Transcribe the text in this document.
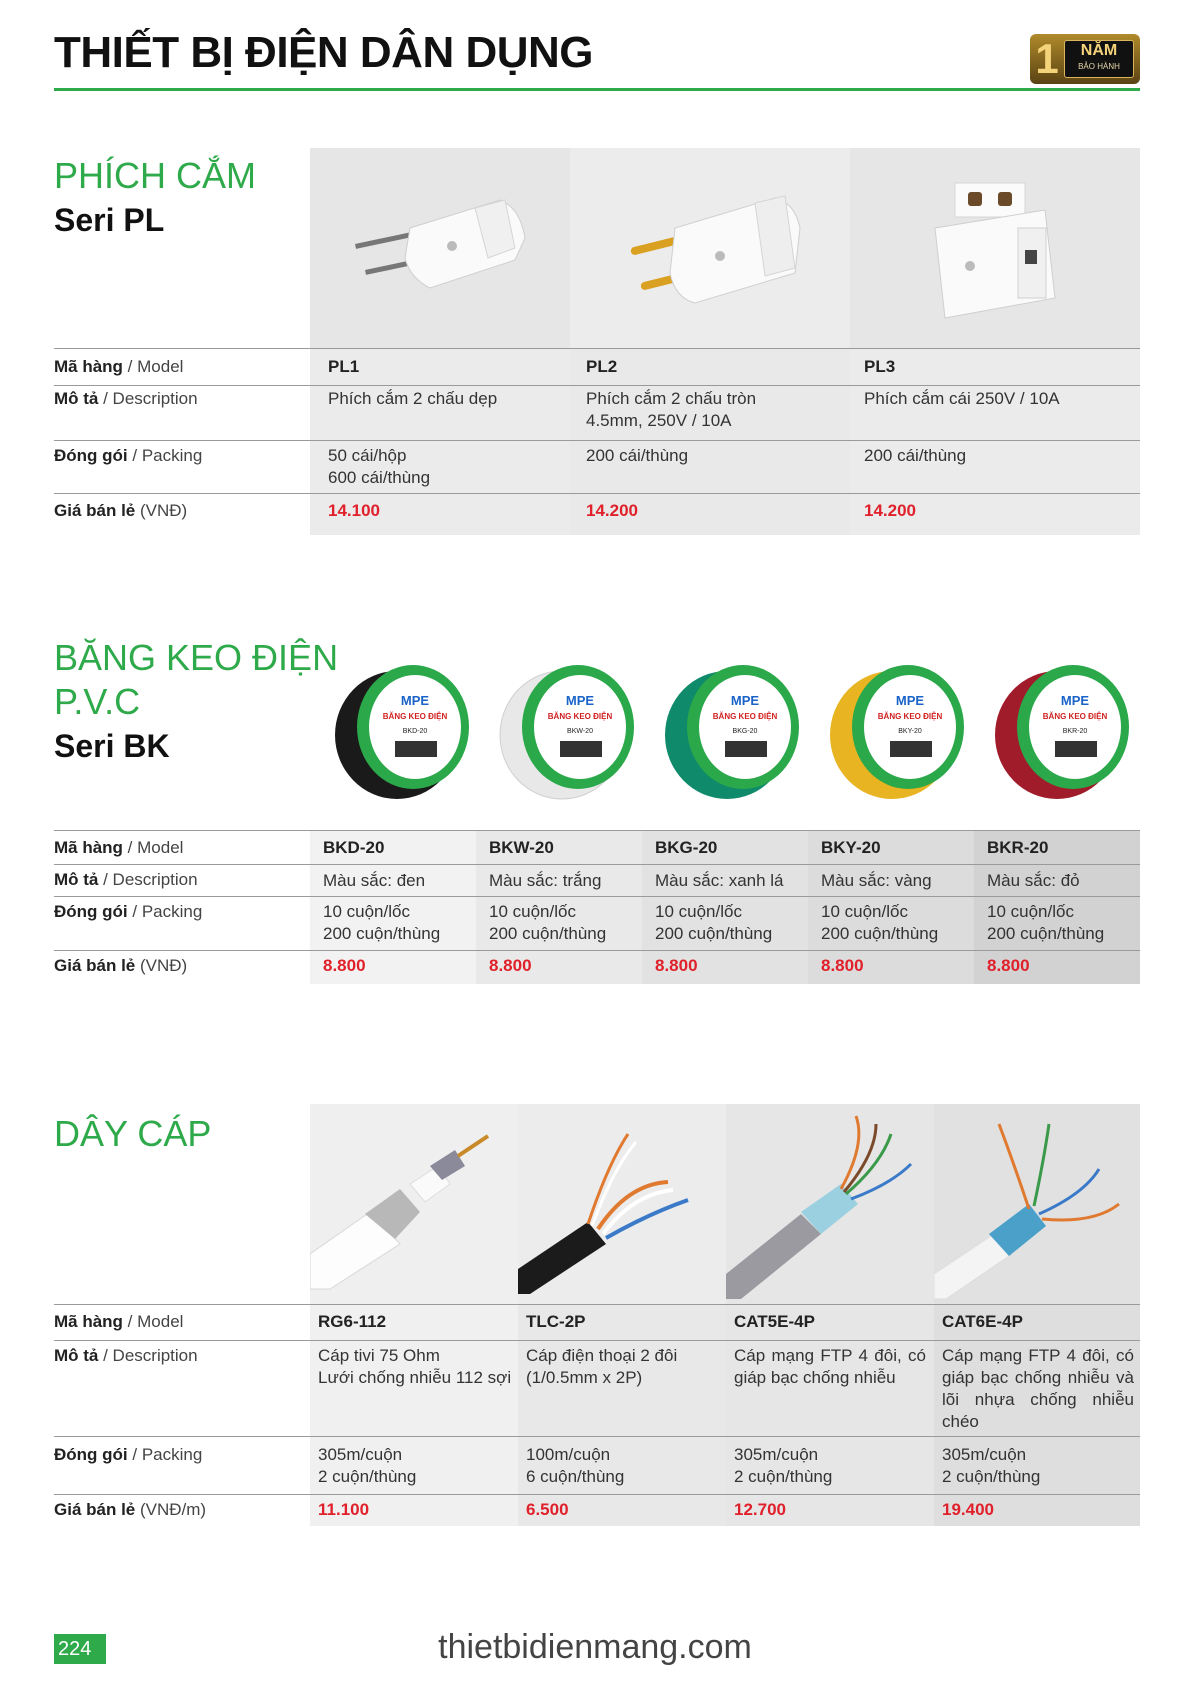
THIẾT BỊ ĐIỆN DÂN DỤNG	1	NĂM
BẢO HÀNH
PHÍCH CẮM
Seri PL
Mã hàng / Model
Mô tả / Description
Đóng gói / Packing
Giá bán lẻ (VNĐ)
PL1
Phích cắm 2 chấu dẹp
50 cái/hộp
600 cái/thùng
14.100
PL2
Phích cắm 2 chấu tròn 4.5mm, 250V / 10A
200 cái/thùng
14.200
PL3
Phích cắm cái 250V / 10A
200 cái/thùng
14.200
BĂNG KEO ĐIỆN
P.V.C
Seri BK
MPE
BĂNG KEO ĐIỆN
BKD-20
MPE
BĂNG KEO ĐIỆN
BKW-20
MPE
BĂNG KEO ĐIỆN
BKG-20
MPE
BĂNG KEO ĐIỆN
BKY-20
MPE
BĂNG KEO ĐIỆN
BKR-20
Mã hàng / Model
Mô tả / Description
Đóng gói / Packing
Giá bán lẻ (VNĐ)
BKD-20
Màu sắc: đen
10 cuộn/lốc
200 cuộn/thùng
8.800
BKW-20
Màu sắc: trắng
10 cuộn/lốc
200 cuộn/thùng
8.800
BKG-20
Màu sắc: xanh lá
10 cuộn/lốc
200 cuộn/thùng
8.800
BKY-20
Màu sắc: vàng
10 cuộn/lốc
200 cuộn/thùng
8.800
BKR-20
Màu sắc: đỏ
10 cuộn/lốc
200 cuộn/thùng
8.800
DÂY CÁP
Mã hàng / Model
Mô tả / Description
Đóng gói / Packing
Giá bán lẻ (VNĐ/m)
RG6-112
Cáp tivi 75 Ohm
Lưới chống nhiễu 112 sợi
305m/cuộn
2 cuộn/thùng
11.100
TLC-2P
Cáp điện thoại 2 đôi
(1/0.5mm x 2P)
100m/cuộn
6 cuộn/thùng
6.500
CAT5E-4P
Cáp mạng FTP 4 đôi, có giáp bạc chống nhiễu
305m/cuộn
2 cuộn/thùng
12.700
CAT6E-4P
Cáp mạng FTP 4 đôi, có giáp bạc chống nhiễu và lõi nhựa chống nhiễu chéo
305m/cuộn
2 cuộn/thùng
19.400
thietbidienmang.com
224
